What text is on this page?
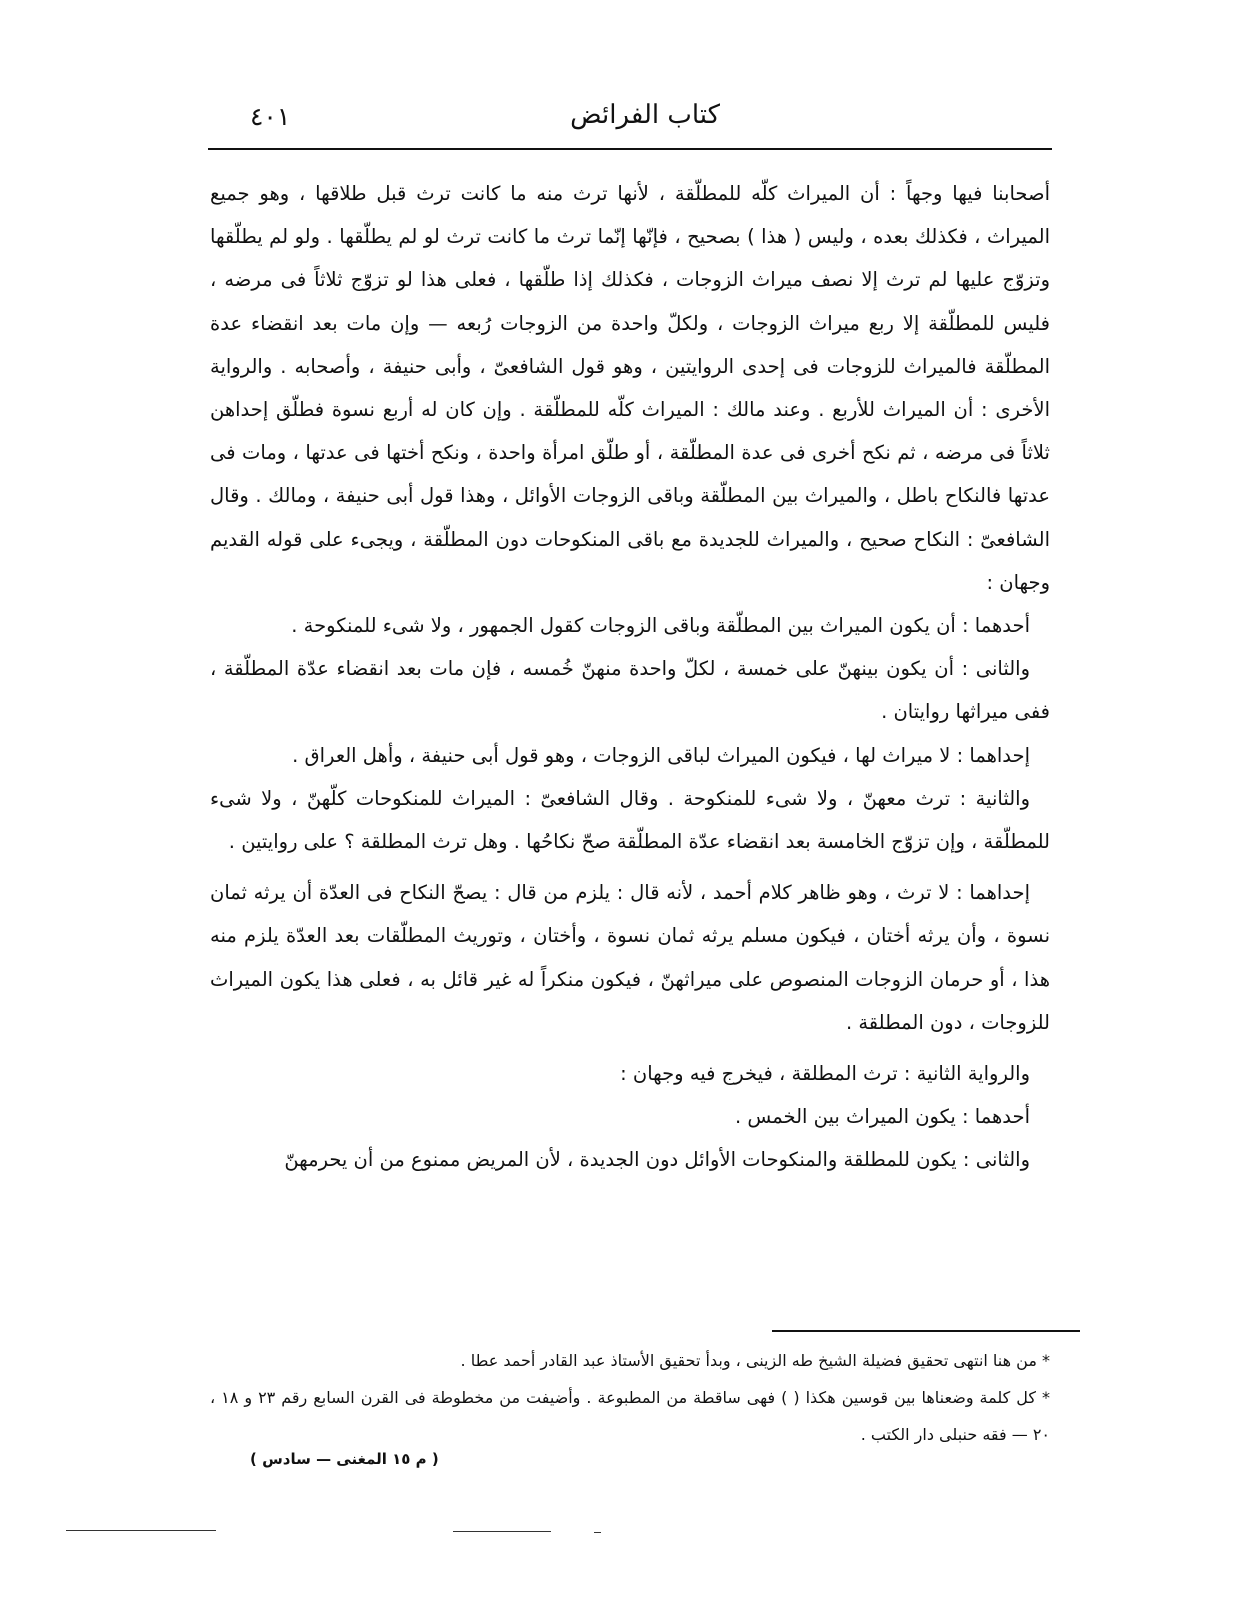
كتاب الفرائض
٤٠١

أصحابنا فيها وجهاً : أن الميراث كلّه للمطلّقة ، لأنها ترث منه ما كانت ترث قبل طلاقها ، وهو جميع الميراث ، فكذلك بعده ، وليس ( هذا ) بصحيح ، فإنّها إنّما ترث ما كانت ترث لو لم يطلّقها . ولو لم يطلّقها وتزوّج عليها لم ترث إلا نصف ميراث الزوجات ، فكذلك إذا طلّقها ، فعلى هذا لو تزوّج ثلاثاً فى مرضه ، فليس للمطلّقة إلا ربع ميراث الزوجات ، ولكلّ واحدة من الزوجات رُبعه — وإن مات بعد انقضاء عدة المطلّقة فالميراث للزوجات فى إحدى الروايتين ، وهو قول الشافعىّ ، وأبى حنيفة ، وأصحابه . والرواية الأخرى : أن الميراث للأربع . وعند مالك : الميراث كلّه للمطلّقة . وإن كان له أربع نسوة فطلّق إحداهن ثلاثاً فى مرضه ، ثم نكح أخرى فى عدة المطلّقة ، أو طلّق امرأة واحدة ، ونكح أختها فى عدتها ، ومات فى عدتها فالنكاح باطل ، والميراث بين المطلّقة وباقى الزوجات الأوائل ، وهذا قول أبى حنيفة ، ومالك . وقال الشافعىّ : النكاح صحيح ، والميراث للجديدة مع باقى المنكوحات دون المطلّقة ، ويجىء على قوله القديم وجهان :

أحدهما : أن يكون الميراث بين المطلّقة وباقى الزوجات كقول الجمهور ، ولا شىء للمنكوحة .

والثانى : أن يكون بينهنّ على خمسة ، لكلّ واحدة منهنّ خُمسه ، فإن مات بعد انقضاء عدّة المطلّقة ، ففى ميراثها روايتان .

إحداهما : لا ميراث لها ، فيكون الميراث لباقى الزوجات ، وهو قول أبى حنيفة ، وأهل العراق .

والثانية : ترث معهنّ ، ولا شىء للمنكوحة . وقال الشافعىّ : الميراث للمنكوحات كلّهنّ ، ولا شىء للمطلّقة ، وإن تزوّج الخامسة بعد انقضاء عدّة المطلّقة صحّ نكاحُها . وهل ترث المطلقة ؟ على روايتين .

إحداهما : لا ترث ، وهو ظاهر كلام أحمد ، لأنه قال : يلزم من قال : يصحّ النكاح فى العدّة أن يرثه ثمان نسوة ، وأن يرثه أختان ، فيكون مسلم يرثه ثمان نسوة ، وأختان ، وتوريث المطلّقات بعد العدّة يلزم منه هذا ، أو حرمان الزوجات المنصوص على ميراثهنّ ، فيكون منكراً له غير قائل به ، فعلى هذا يكون الميراث للزوجات ، دون المطلقة .

والرواية الثانية : ترث المطلقة ، فيخرج فيه وجهان :

أحدهما : يكون الميراث بين الخمس .

والثانى : يكون للمطلقة والمنكوحات الأوائل دون الجديدة ، لأن المريض ممنوع من أن يحرمهنّ

* من هنا انتهى تحقيق فضيلة الشيخ طه الزينى ، وبدأ تحقيق الأستاذ عبد القادر أحمد عطا .

* كل كلمة وضعناها بين قوسين هكذا ( ) فهى ساقطة من المطبوعة . وأضيفت من مخطوطة فى القرن السابع رقم ٢٣ و ١٨ ، ٢٠ — فقه حنبلى دار الكتب .

( م ١٥ المغنى — سادس )
